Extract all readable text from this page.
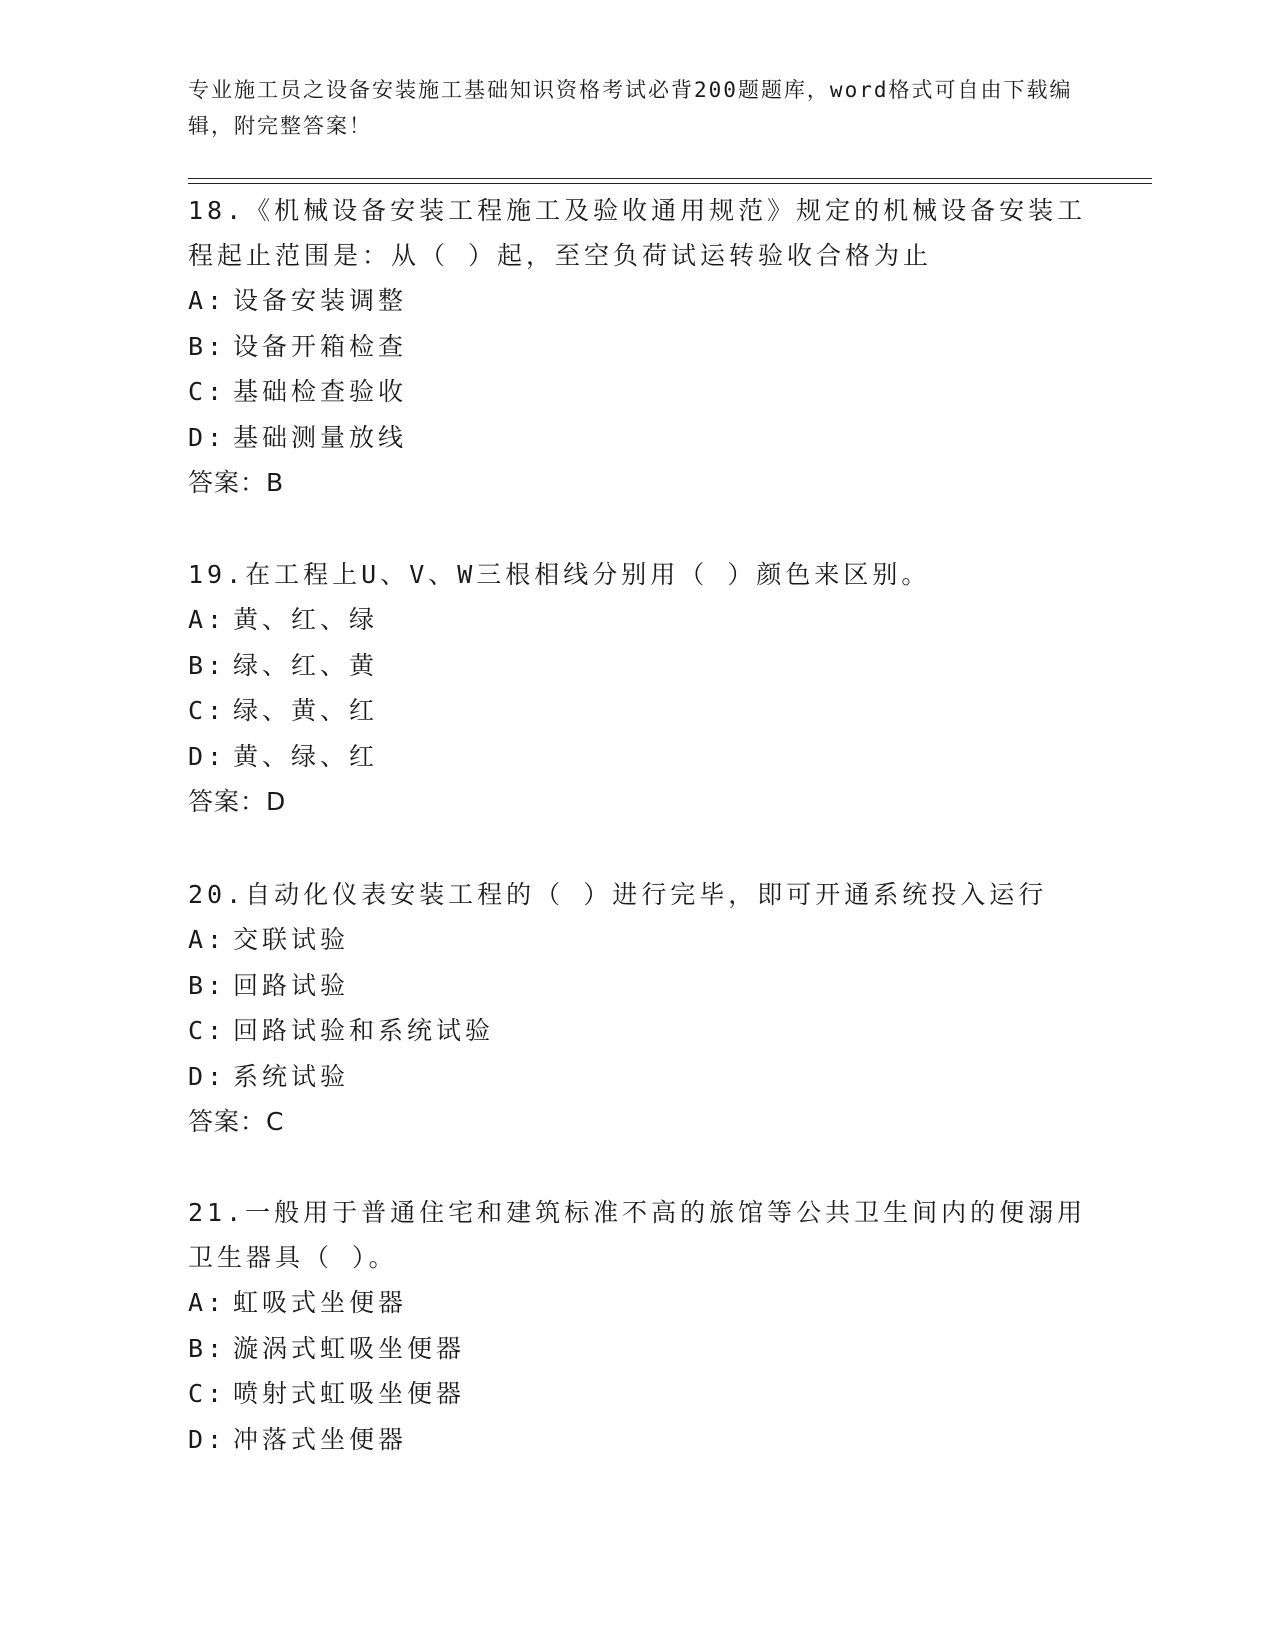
专业施工员之设备安装施工基础知识资格考试必背200题题库，word格式可自由下载编辑，附完整答案！

18.《机械设备安装工程施工及验收通用规范》规定的机械设备安装工程起止范围是：从（ ）起，至空负荷试运转验收合格为止

A: 设备安装调整

B: 设备开箱检查

C: 基础检查验收

D: 基础测量放线

答案：B

19.在工程上U、V、W三根相线分别用（ ）颜色来区别。

A: 黄、红、绿

B: 绿、红、黄

C: 绿、黄、红

D: 黄、绿、红

答案：D

20.自动化仪表安装工程的（ ）进行完毕，即可开通系统投入运行

A: 交联试验

B: 回路试验

C: 回路试验和系统试验

D: 系统试验

答案：C

21.一般用于普通住宅和建筑标准不高的旅馆等公共卫生间内的便溺用卫生器具（ ）。

A: 虹吸式坐便器

B: 漩涡式虹吸坐便器

C: 喷射式虹吸坐便器

D: 冲落式坐便器
